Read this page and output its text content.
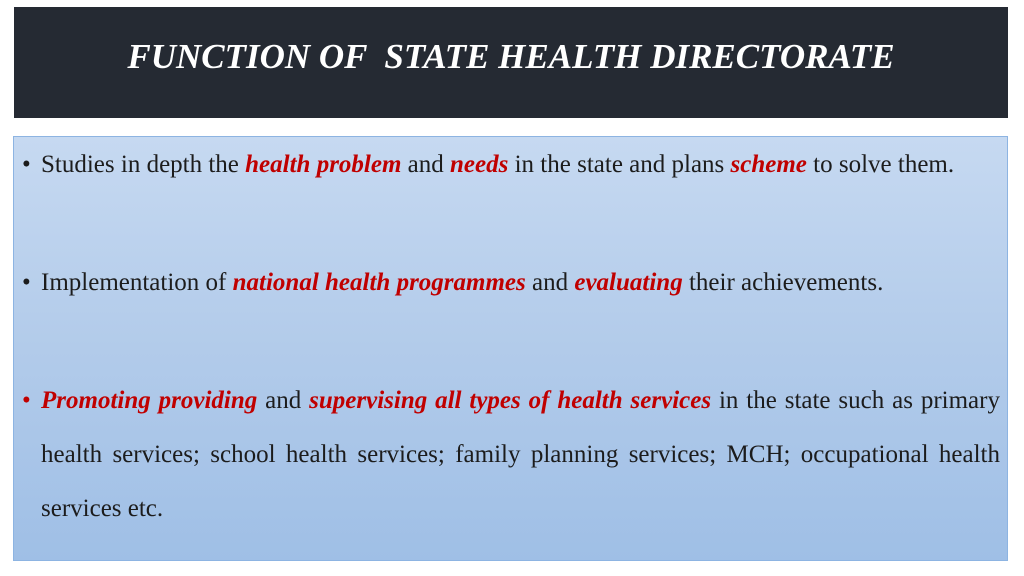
FUNCTION OF  STATE HEALTH DIRECTORATE
• Studies in depth the health problem and needs in the state and plans scheme to solve them.
• Implementation of national health programmes and evaluating their achievements.
• Promoting providing and supervising all types of health services in the state such as primary health services; school health services; family planning services; MCH; occupational health services etc.
